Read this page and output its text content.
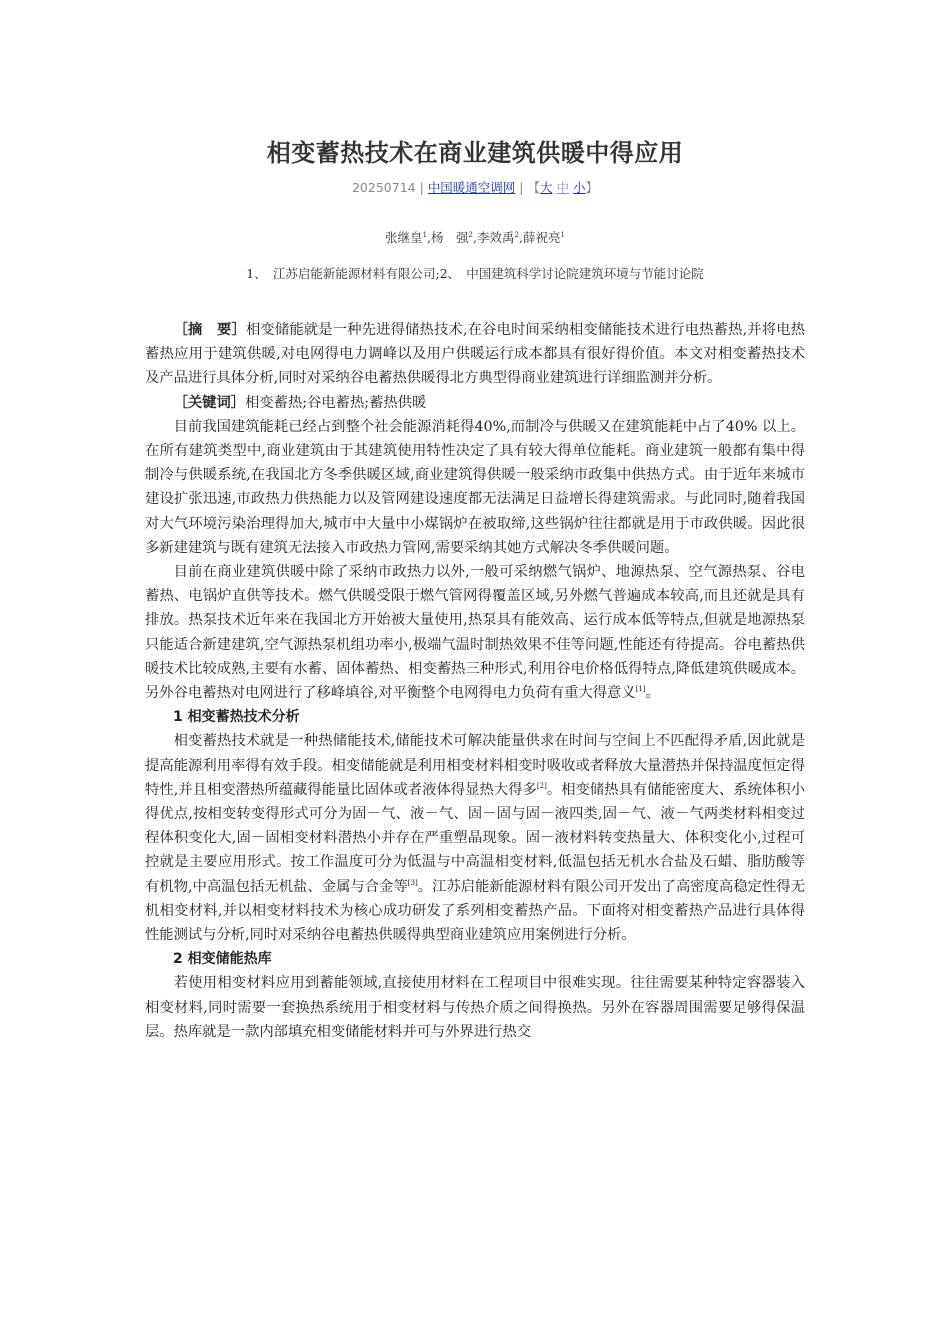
相变蓄热技术在商业建筑供暖中得应用
20250714 | 中国暖通空调网 | 【大 中 小】
张继皇$^1$,杨　强$^2$,李效禹$^2$,薛祝亮$^1$
1、　江苏启能新能源材料有限公司;2、　中国建筑科学讨论院建筑环境与节能讨论院

［摘　要］相变储能就是一种先进得储热技术,在谷电时间采纳相变储能技术进行电热蓄热,并将电热蓄热应用于建筑供暖,对电网得电力调峰以及用户供暖运行成本都具有很好得价值。本文对相变蓄热技术及产品进行具体分析,同时对采纳谷电蓄热供暖得北方典型得商业建筑进行详细监测并分析。

［关键词］相变蓄热;谷电蓄热;蓄热供暖

目前我国建筑能耗已经占到整个社会能源消耗得40%,而制冷与供暖又在建筑能耗中占了40% 以上。在所有建筑类型中,商业建筑由于其建筑使用特性决定了具有较大得单位能耗。商业建筑一般都有集中得制冷与供暖系统,在我国北方冬季供暖区域,商业建筑得供暖一般采纳市政集中供热方式。由于近年来城市建设扩张迅速,市政热力供热能力以及管网建设速度都无法满足日益增长得建筑需求。与此同时,随着我国对大气环境污染治理得加大,城市中大量中小煤锅炉在被取缔,这些锅炉往往都就是用于市政供暖。因此很多新建建筑与既有建筑无法接入市政热力管网,需要采纳其她方式解决冬季供暖问题。

目前在商业建筑供暖中除了采纳市政热力以外,一般可采纳燃气锅炉、地源热泵、空气源热泵、谷电蓄热、电锅炉直供等技术。燃气供暖受限于燃气管网得覆盖区域,另外燃气普遍成本较高,而且还就是具有排放。热泵技术近年来在我国北方开始被大量使用,热泵具有能效高、运行成本低等特点,但就是地源热泵只能适合新建建筑,空气源热泵机组功率小,极端气温时制热效果不佳等问题,性能还有待提高。谷电蓄热供暖技术比较成熟,主要有水蓄、固体蓄热、相变蓄热三种形式,利用谷电价格低得特点,降低建筑供暖成本。另外谷电蓄热对电网进行了移峰填谷,对平衡整个电网得电力负荷有重大得意义[1]。

1 相变蓄热技术分析

相变蓄热技术就是一种热储能技术,储能技术可解决能量供求在时间与空间上不匹配得矛盾,因此就是提高能源利用率得有效手段。相变储能就是利用相变材料相变时吸收或者释放大量潜热并保持温度恒定得特性,并且相变潜热所蕴藏得能量比固体或者液体得显热大得多[2]。相变储热具有储能密度大、系统体积小得优点,按相变转变得形式可分为固－气、液－气、固－固与固－液四类,固－气、液－气两类材料相变过程体积变化大,固－固相变材料潜热小并存在严重塑晶现象。固－液材料转变热量大、体积变化小,过程可控就是主要应用形式。按工作温度可分为低温与中高温相变材料,低温包括无机水合盐及石蜡、脂肪酸等有机物,中高温包括无机盐、金属与合金等[3]。江苏启能新能源材料有限公司开发出了高密度高稳定性得无机相变材料,并以相变材料技术为核心成功研发了系列相变蓄热产品。下面将对相变蓄热产品进行具体得性能测试与分析,同时对采纳谷电蓄热供暖得典型商业建筑应用案例进行分析。

2 相变储能热库

若使用相变材料应用到蓄能领域,直接使用材料在工程项目中很难实现。往往需要某种特定容器装入相变材料,同时需要一套换热系统用于相变材料与传热介质之间得换热。另外在容器周围需要足够得保温层。热库就是一款内部填充相变储能材料并可与外界进行热交
